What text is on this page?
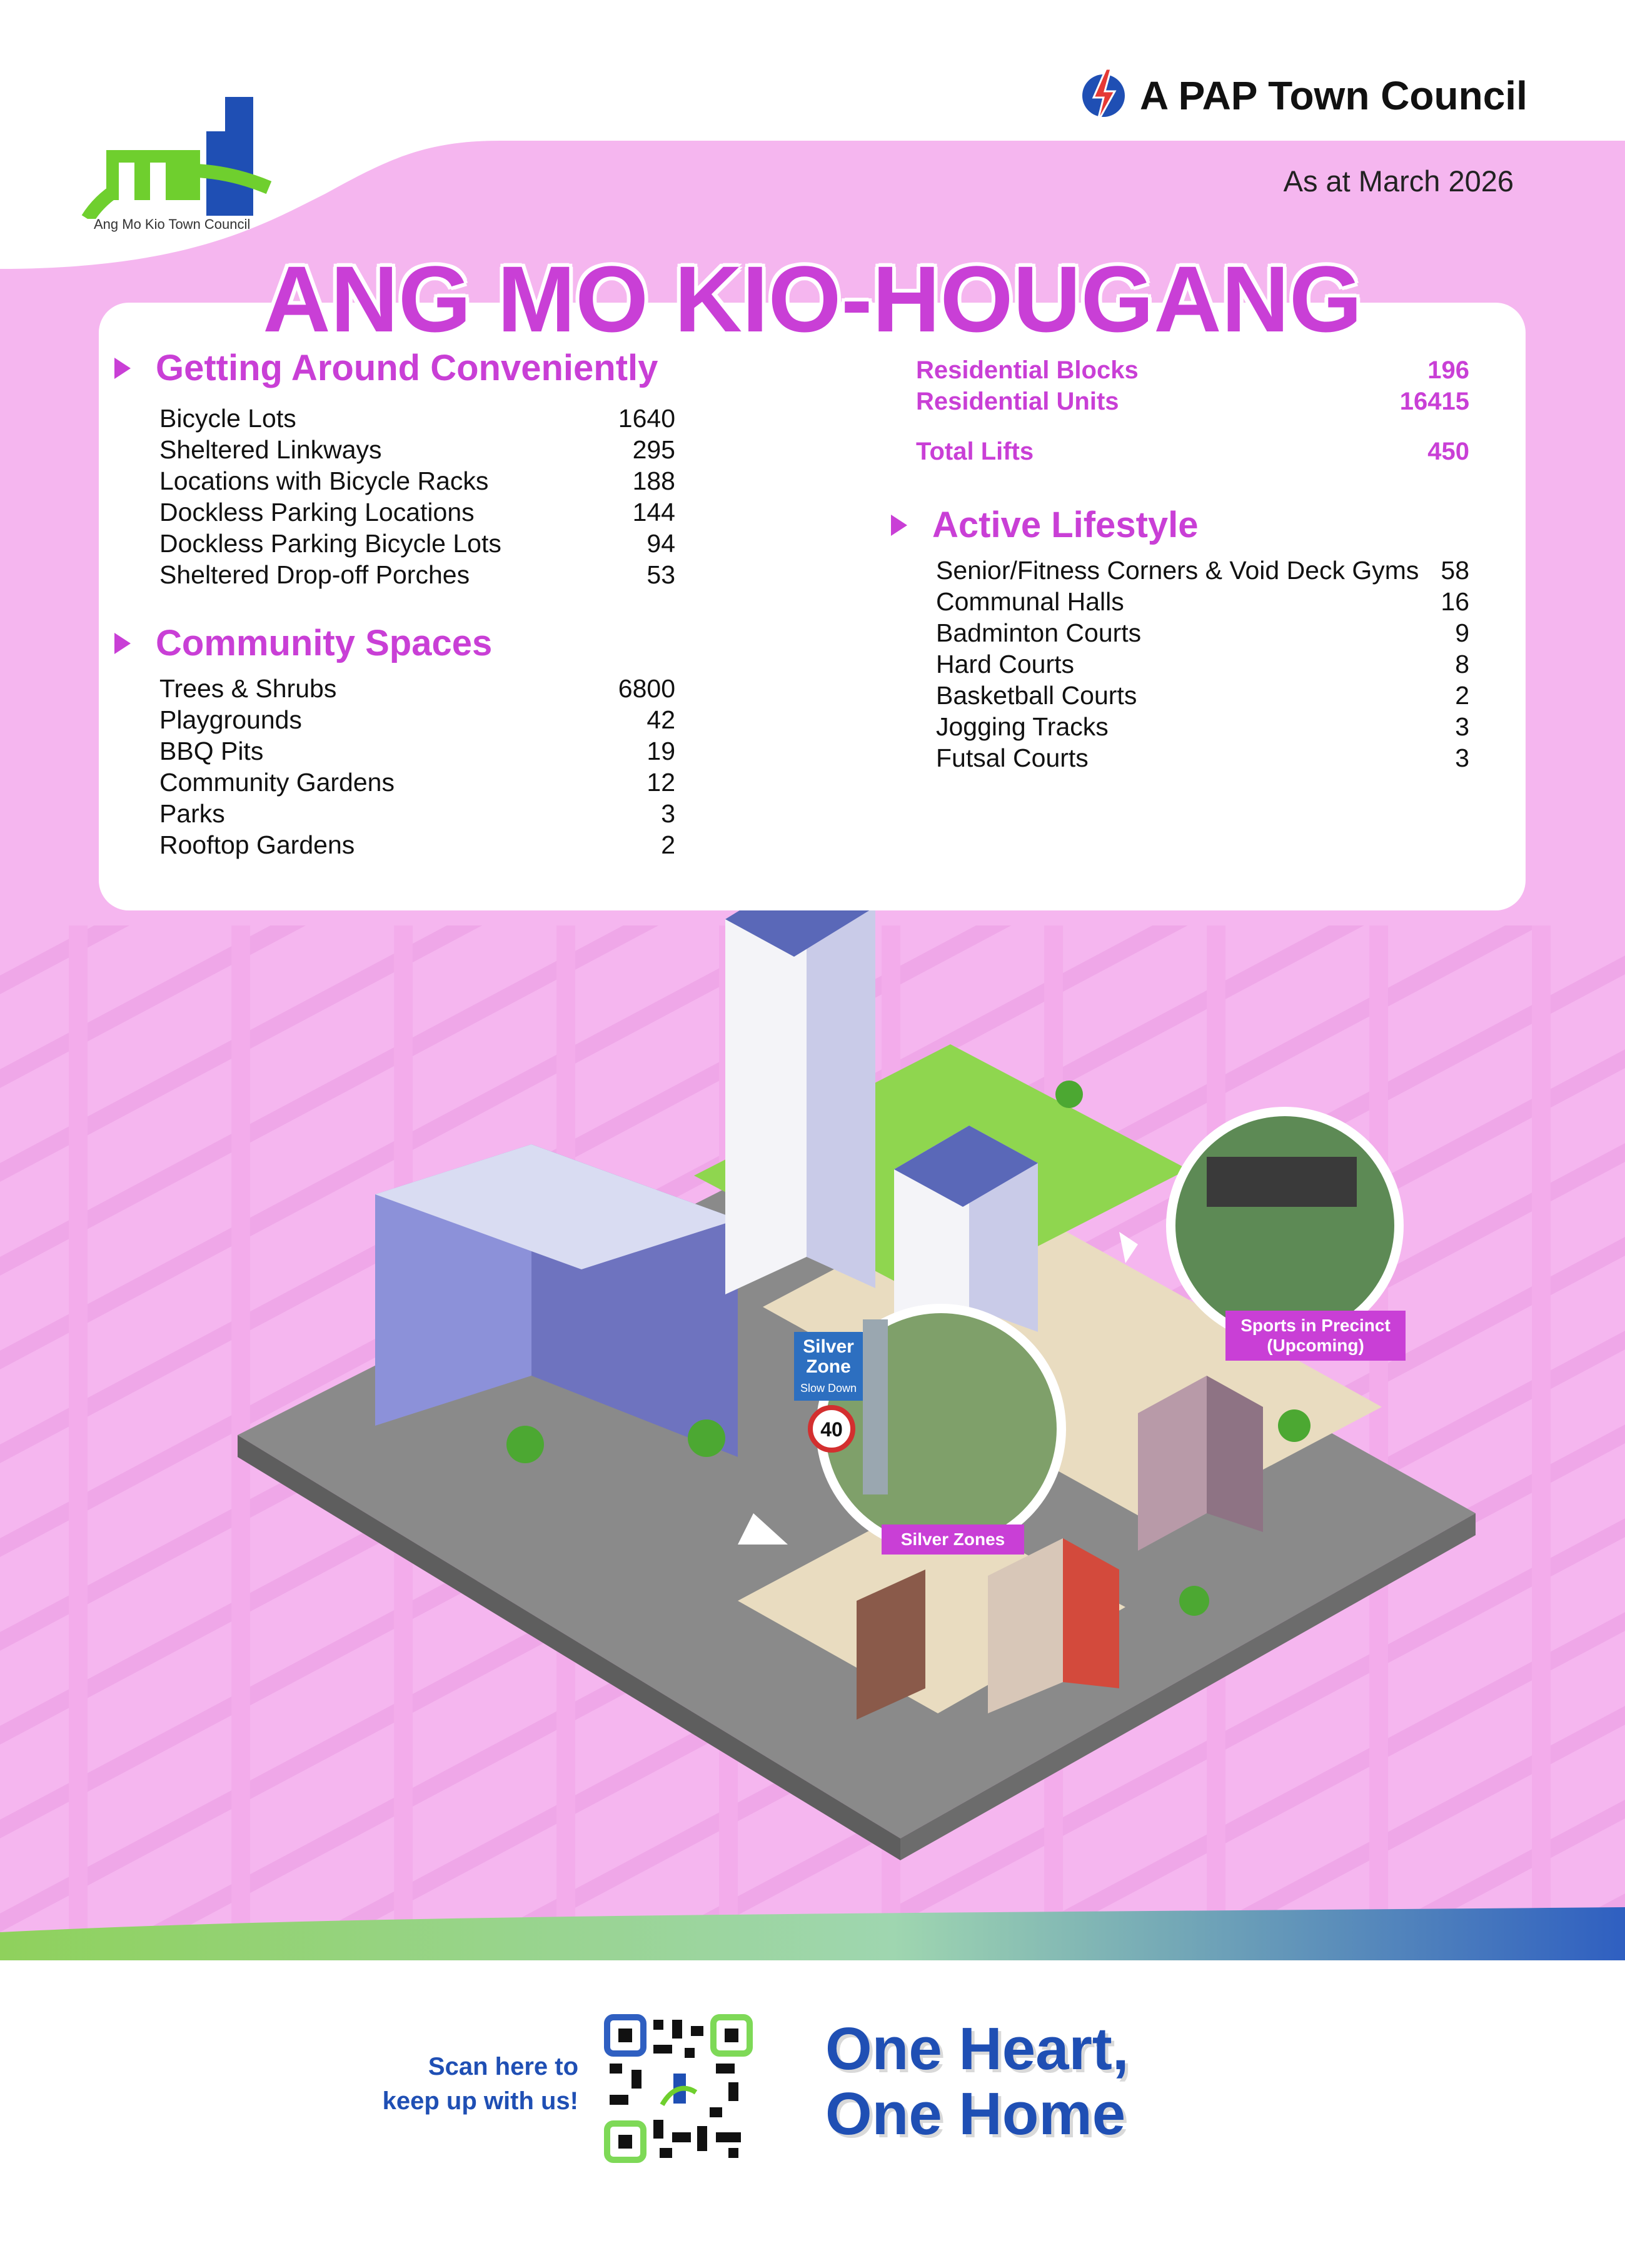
Ang Mo Kio Town Council
A PAP Town Council
As at March 2026
ANG MO KIO-HOUGANG
Getting Around Conveniently
Bicycle Lots	1640
Sheltered Linkways	295
Locations with Bicycle Racks	188
Dockless Parking Locations	144
Dockless Parking Bicycle Lots	94
Sheltered Drop-off Porches	53
Community Spaces
Trees & Shrubs	6800
Playgrounds	42
BBQ Pits	19
Community Gardens	12
Parks	3
Rooftop Gardens	2
Residential Blocks	196
Residential Units	16415
Total Lifts	450
Active Lifestyle
Senior/Fitness Corners & Void Deck Gyms 58
Communal Halls	16
Badminton Courts	9
Hard Courts	8
Basketball Courts	2
Jogging Tracks	3
Futsal Courts	3
Sports in Precinct (Upcoming)
Silver Zones
Silver Zone
Slow Down
40
Scan here to
keep up with us!
One Heart,
One Home
